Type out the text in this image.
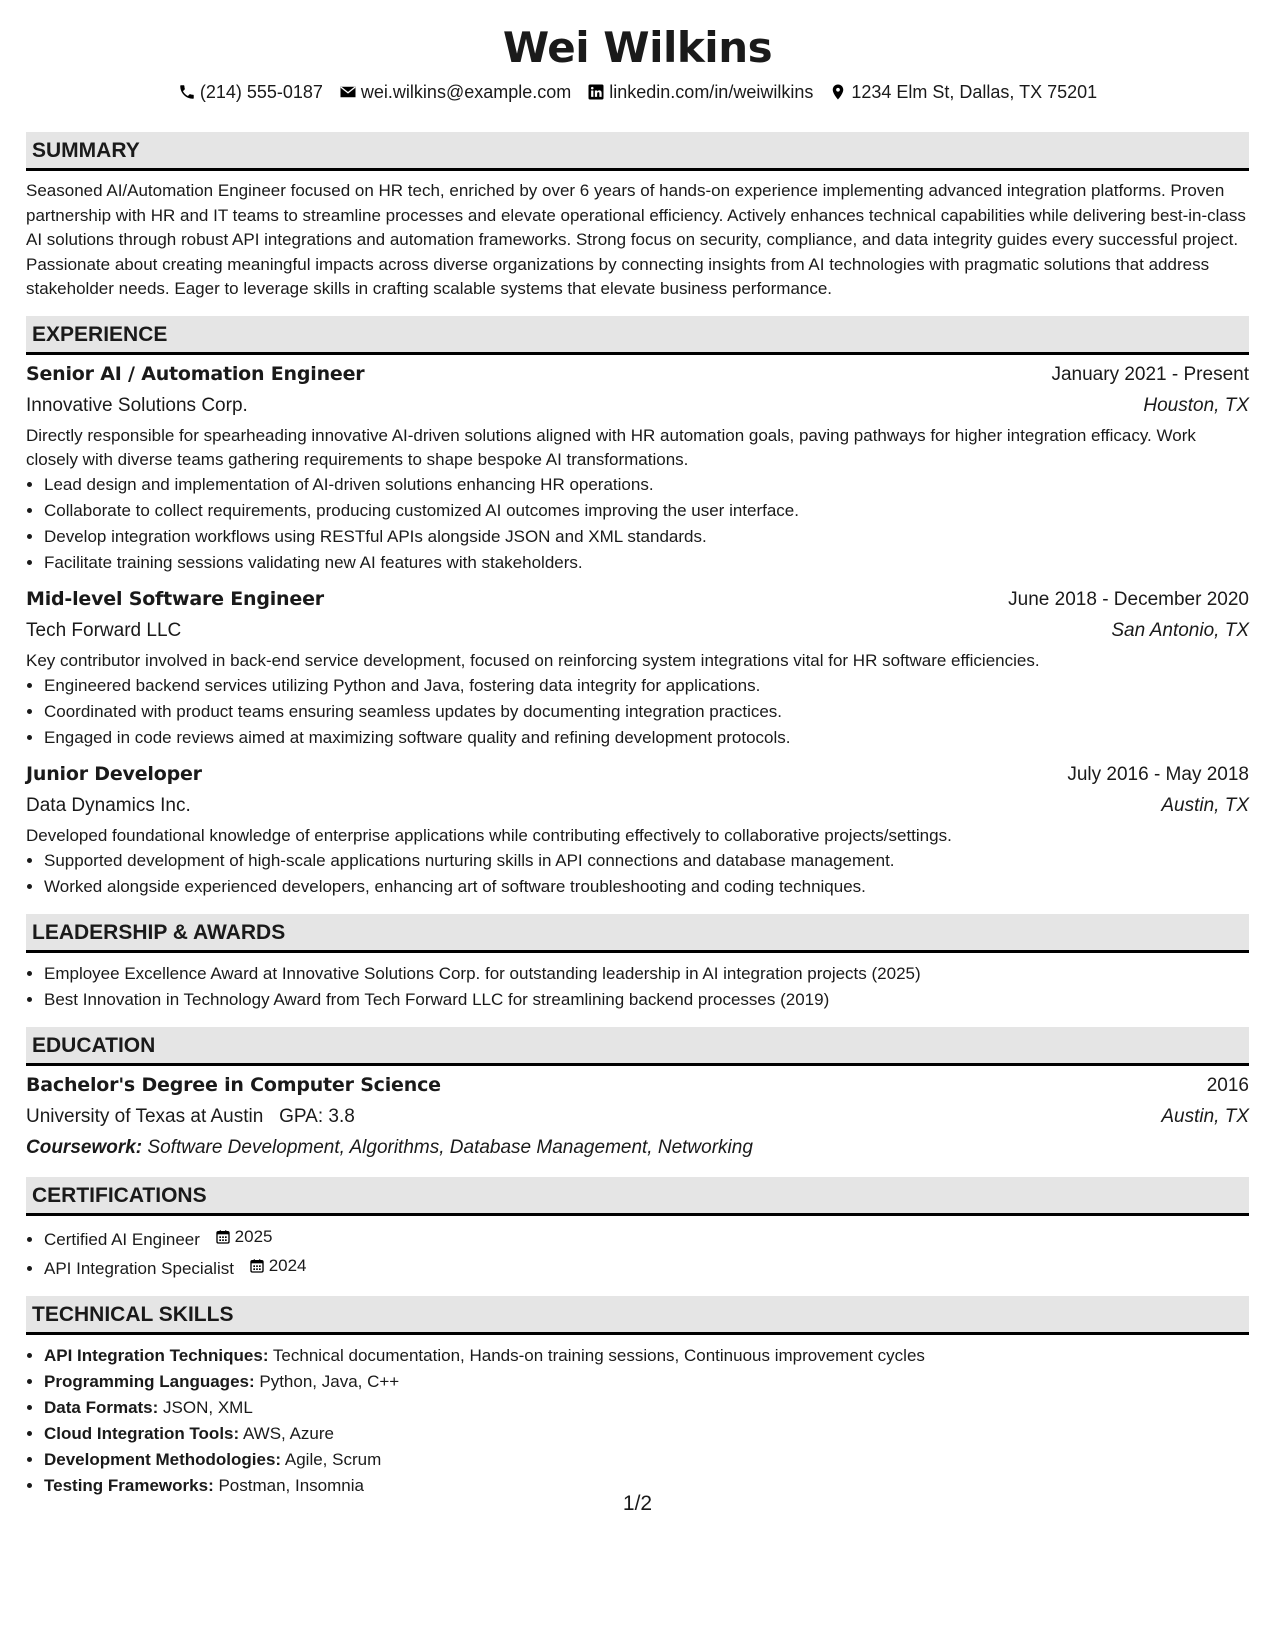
Wei Wilkins
(214) 555-0187 wei.wilkins@example.com linkedin.com/in/weiwilkins 1234 Elm St, Dallas, TX 75201
SUMMARY
Seasoned AI/Automation Engineer focused on HR tech, enriched by over 6 years of hands-on experience implementing advanced integration platforms. Proven partnership with HR and IT teams to streamline processes and elevate operational efficiency. Actively enhances technical capabilities while delivering best-in-class AI solutions through robust API integrations and automation frameworks. Strong focus on security, compliance, and data integrity guides every successful project. Passionate about creating meaningful impacts across diverse organizations by connecting insights from AI technologies with pragmatic solutions that address stakeholder needs. Eager to leverage skills in crafting scalable systems that elevate business performance.
EXPERIENCE
Senior AI / Automation Engineer	January 2021 - Present
Innovative Solutions Corp.	Houston, TX
Directly responsible for spearheading innovative AI-driven solutions aligned with HR automation goals, paving pathways for higher integration efficacy. Work closely with diverse teams gathering requirements to shape bespoke AI transformations.
• Lead design and implementation of AI-driven solutions enhancing HR operations.
• Collaborate to collect requirements, producing customized AI outcomes improving the user interface.
• Develop integration workflows using RESTful APIs alongside JSON and XML standards.
• Facilitate training sessions validating new AI features with stakeholders.
Mid-level Software Engineer	June 2018 - December 2020
Tech Forward LLC	San Antonio, TX
Key contributor involved in back-end service development, focused on reinforcing system integrations vital for HR software efficiencies.
• Engineered backend services utilizing Python and Java, fostering data integrity for applications.
• Coordinated with product teams ensuring seamless updates by documenting integration practices.
• Engaged in code reviews aimed at maximizing software quality and refining development protocols.
Junior Developer	July 2016 - May 2018
Data Dynamics Inc.	Austin, TX
Developed foundational knowledge of enterprise applications while contributing effectively to collaborative projects/settings.
• Supported development of high-scale applications nurturing skills in API connections and database management.
• Worked alongside experienced developers, enhancing art of software troubleshooting and coding techniques.
LEADERSHIP & AWARDS
• Employee Excellence Award at Innovative Solutions Corp. for outstanding leadership in AI integration projects (2025)
• Best Innovation in Technology Award from Tech Forward LLC for streamlining backend processes (2019)
EDUCATION
Bachelor's Degree in Computer Science	2016
University of Texas at Austin GPA: 3.8	Austin, TX
Coursework: Software Development, Algorithms, Database Management, Networking
CERTIFICATIONS
• Certified AI Engineer 2025
• API Integration Specialist 2024
TECHNICAL SKILLS
• API Integration Techniques: Technical documentation, Hands-on training sessions, Continuous improvement cycles
• Programming Languages: Python, Java, C++
• Data Formats: JSON, XML
• Cloud Integration Tools: AWS, Azure
• Development Methodologies: Agile, Scrum
• Testing Frameworks: Postman, Insomnia
1/2
